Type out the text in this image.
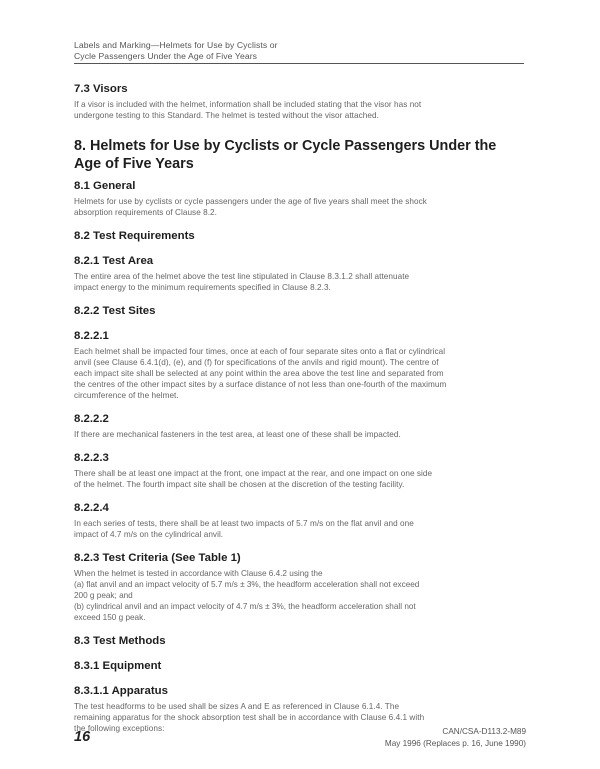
Labels and Marking—Helmets for Use by Cyclists or
Cycle Passengers Under the Age of Five Years
7.3 Visors

If a visor is included with the helmet, information shall be included stating that the visor has not

undergone testing to this Standard. The helmet is tested without the visor attached.

8. Helmets for Use by Cyclists or Cycle Passengers Under the
Age of Five Years
8.1 General

Helmets for use by cyclists or cycle passengers under the age of five years shall meet the shock

absorption requirements of Clause 8.2.

8.2 Test Requirements
8.2.1 Test Area

The entire area of the helmet above the test line stipulated in Clause 8.3.1.2 shall attenuate

impact energy to the minimum requirements specified in Clause 8.2.3.

8.2.2 Test Sites
8.2.2.1

Each helmet shall be impacted four times, once at each of four separate sites onto a flat or cylindrical

anvil (see Clause 6.4.1(d), (e), and (f) for specifications of the anvils and rigid mount). The centre of

each impact site shall be selected at any point within the area above the test line and separated from

the centres of the other impact sites by a surface distance of not less than one-fourth of the maximum

circumference of the helmet.

8.2.2.2

If there are mechanical fasteners in the test area, at least one of these shall be impacted.

8.2.2.3

There shall be at least one impact at the front, one impact at the rear, and one impact on one side

of the helmet. The fourth impact site shall be chosen at the discretion of the testing facility.

8.2.2.4

In each series of tests, there shall be at least two impacts of 5.7 m/s on the flat anvil and one

impact of 4.7 m/s on the cylindrical anvil.

8.2.3 Test Criteria (See Table 1)

When the helmet is tested in accordance with Clause 6.4.2 using the

(a) flat anvil and an impact velocity of 5.7 m/s ± 3%, the headform acceleration shall not exceed

200 g peak; and

(b) cylindrical anvil and an impact velocity of 4.7 m/s ± 3%, the headform acceleration shall not

exceed 150 g peak.

8.3 Test Methods
8.3.1 Equipment
8.3.1.1 Apparatus

The test headforms to be used shall be sizes A and E as referenced in Clause 6.1.4. The

remaining apparatus for the shock absorption test shall be in accordance with Clause 6.4.1 with

the following exceptions:

16	CAN/CSA-D113.2-M89
May 1996 (Replaces p. 16, June 1990)
